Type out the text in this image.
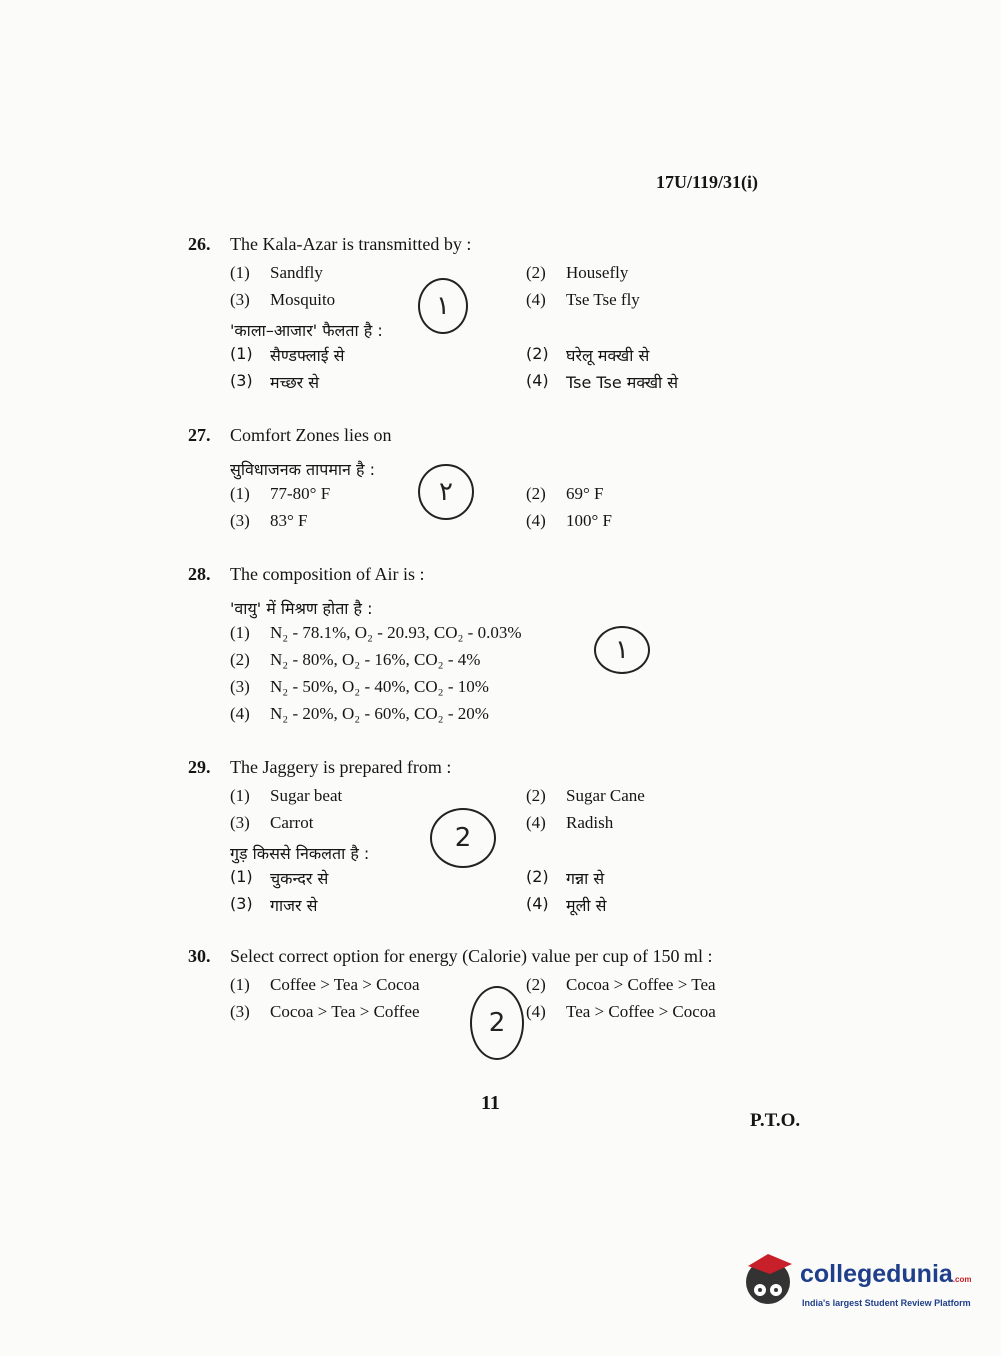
17U/119/31(i)
26.	The Kala-Azar is transmitted by :
(1)	Sandfly	(2)	Housefly
(3)	Mosquito	(4)	Tse Tse fly
'काला–आजार' फैलता है :
(1)	सैण्डफ्लाई से	(2)	घरेलू मक्खी से
(3)	मच्छर से	(4)	Tse Tse मक्खी से
۱
27.	Comfort Zones lies on
सुविधाजनक तापमान है :
(1)	77-80° F	(2)	69° F
(3)	83° F	(4)	100° F
۲
28.	The composition of Air is :
'वायु' में मिश्रण होता है :
(1)	N₂ - 78.1%, O₂ - 20.93, CO₂ - 0.03%
(2)	N₂ - 80%, O₂ - 16%, CO₂ - 4%
(3)	N₂ - 50%, O₂ - 40%, CO₂ - 10%
(4)	N₂ - 20%, O₂ - 60%, CO₂ - 20%
۱
29.	The Jaggery is prepared from :
(1)	Sugar beat	(2)	Sugar Cane
(3)	Carrot	(4)	Radish
गुड़ किससे निकलता है :
(1)	चुकन्दर से	(2)	गन्ना से
(3)	गाजर से	(4)	मूली से
2
30.	Select correct option for energy (Calorie) value per cup of 150 ml :
(1)	Coffee > Tea > Cocoa	(2)	Cocoa > Coffee > Tea
(3)	Cocoa > Tea > Coffee	(4)	Tea > Coffee > Cocoa
2
11
P.T.O.
collegedunia.com
India's largest Student Review Platform
